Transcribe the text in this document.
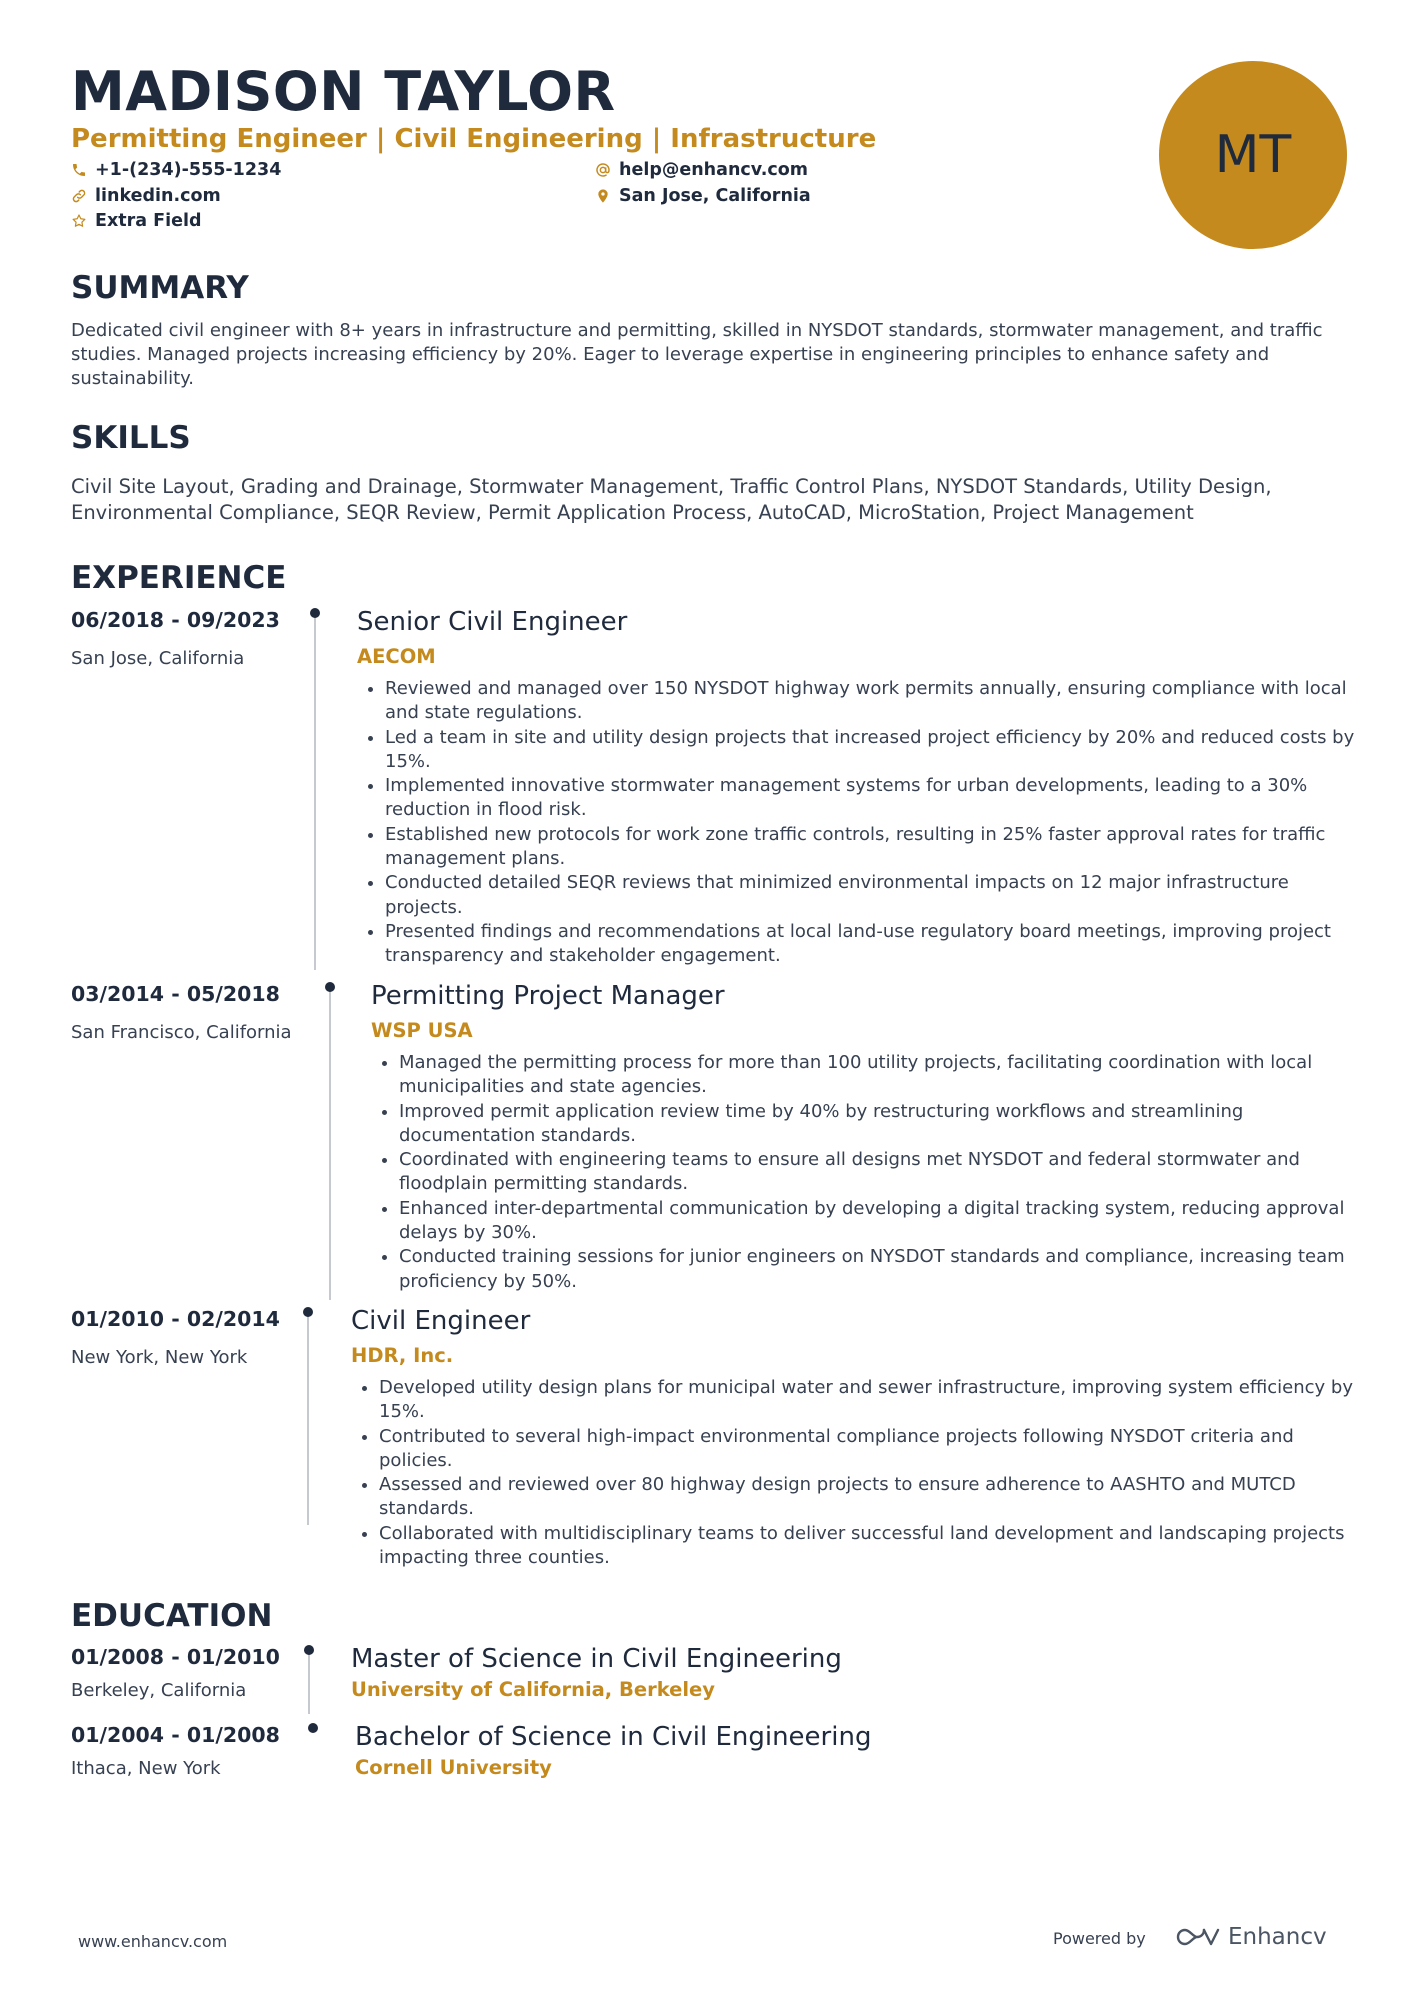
MADISON TAYLOR
Permitting Engineer | Civil Engineering | Infrastructure
+1-(234)-555-1234	help@enhancv.com
linkedin.com	San Jose, California
Extra Field
MT
SUMMARY

Dedicated civil engineer with 8+ years in infrastructure and permitting, skilled in NYSDOT standards, stormwater management, and traffic studies. Managed projects increasing efficiency by 20%. Eager to leverage expertise in engineering principles to enhance safety and sustainability.

SKILLS

Civil Site Layout, Grading and Drainage, Stormwater Management, Traffic Control Plans, NYSDOT Standards, Utility Design, Environmental Compliance, SEQR Review, Permit Application Process, AutoCAD, MicroStation, Project Management

EXPERIENCE
06/2018 - 09/2023
San Jose, California
Senior Civil Engineer
AECOM
• Reviewed and managed over 150 NYSDOT highway work permits annually, ensuring compliance with local and state regulations.
• Led a team in site and utility design projects that increased project efficiency by 20% and reduced costs by 15%.
• Implemented innovative stormwater management systems for urban developments, leading to a 30% reduction in flood risk.
• Established new protocols for work zone traffic controls, resulting in 25% faster approval rates for traffic management plans.
• Conducted detailed SEQR reviews that minimized environmental impacts on 12 major infrastructure projects.
• Presented findings and recommendations at local land-use regulatory board meetings, improving project transparency and stakeholder engagement.
03/2014 - 05/2018
San Francisco, California
Permitting Project Manager
WSP USA
• Managed the permitting process for more than 100 utility projects, facilitating coordination with local municipalities and state agencies.
• Improved permit application review time by 40% by restructuring workflows and streamlining documentation standards.
• Coordinated with engineering teams to ensure all designs met NYSDOT and federal stormwater and floodplain permitting standards.
• Enhanced inter-departmental communication by developing a digital tracking system, reducing approval delays by 30%.
• Conducted training sessions for junior engineers on NYSDOT standards and compliance, increasing team proficiency by 50%.
01/2010 - 02/2014
New York, New York
Civil Engineer
HDR, Inc.
• Developed utility design plans for municipal water and sewer infrastructure, improving system efficiency by 15%.
• Contributed to several high-impact environmental compliance projects following NYSDOT criteria and policies.
• Assessed and reviewed over 80 highway design projects to ensure adherence to AASHTO and MUTCD standards.
• Collaborated with multidisciplinary teams to deliver successful land development and landscaping projects impacting three counties.
EDUCATION
01/2008 - 01/2010
Berkeley, California
Master of Science in Civil Engineering
University of California, Berkeley
01/2004 - 01/2008
Ithaca, New York
Bachelor of Science in Civil Engineering
Cornell University
www.enhancv.com	Powered by	Enhancv
